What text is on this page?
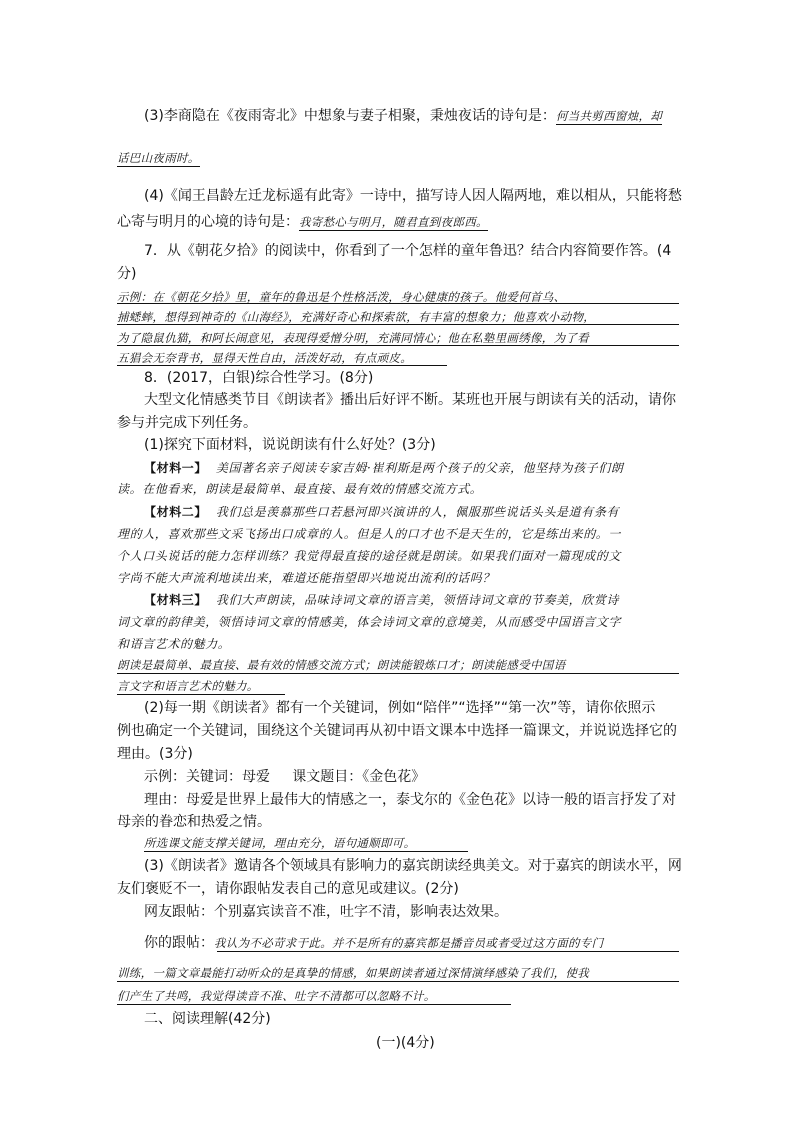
(3)李商隐在《夜雨寄北》中想象与妻子相聚，秉烛夜话的诗句是：何当共剪西窗烛，却
话巴山夜雨时。
(4)《闻王昌龄左迁龙标遥有此寄》一诗中，描写诗人因人隔两地，难以相从，只能将愁
心寄与明月的心境的诗句是：我寄愁心与明月，随君直到夜郎西。
7．从《朝花夕拾》的阅读中，你看到了一个怎样的童年鲁迅？结合内容简要作答。(4
分)
示例：在《朝花夕拾》里，童年的鲁迅是个性格活泼，身心健康的孩子。他爱何首乌、
捕蟋蟀，想得到神奇的《山海经》，充满好奇心和探索欲，有丰富的想象力；他喜欢小动物，
为了隐鼠仇猫，和阿长闹意见，表现得爱憎分明，充满同情心；他在私塾里画绣像，为了看
五猖会无奈背书，显得天性自由，活泼好动，有点顽皮。
8．(2017，白银)综合性学习。(8分)
大型文化情感类节目《朗读者》播出后好评不断。某班也开展与朗读有关的活动，请你
参与并完成下列任务。
(1)探究下面材料，说说朗读有什么好处？(3分)
【材料一】 美国著名亲子阅读专家吉姆·崔利斯是两个孩子的父亲，他坚持为孩子们朗
读。在他看来，朗读是最简单、最直接、最有效的情感交流方式。
【材料二】 我们总是羡慕那些口若悬河即兴演讲的人，佩服那些说话头头是道有条有
理的人，喜欢那些文采飞扬出口成章的人。但是人的口才也不是天生的，它是练出来的。一
个人口头说话的能力怎样训练？我觉得最直接的途径就是朗读。如果我们面对一篇现成的文
字尚不能大声流利地读出来，难道还能指望即兴地说出流利的话吗？
【材料三】 我们大声朗读，品味诗词文章的语言美，领悟诗词文章的节奏美，欣赏诗
词文章的韵律美，领悟诗词文章的情感美，体会诗词文章的意境美，从而感受中国语言文字
和语言艺术的魅力。
朗读是最简单、最直接、最有效的情感交流方式；朗读能锻炼口才；朗读能感受中国语
言文字和语言艺术的魅力。
(2)每一期《朗读者》都有一个关键词，例如“陪伴”“选择”“第一次”等，请你依照示
例也确定一个关键词，围绕这个关键词再从初中语文课本中选择一篇课文，并说说选择它的
理由。(3分)
示例：关键词：母爱 课文题目：《金色花》
理由：母爱是世界上最伟大的情感之一，泰戈尔的《金色花》以诗一般的语言抒发了对
母亲的眷恋和热爱之情。
所选课文能支撑关键词，理由充分，语句通顺即可。
(3)《朗读者》邀请各个领域具有影响力的嘉宾朗读经典美文。对于嘉宾的朗读水平，网
友们褒贬不一，请你跟帖发表自己的意见或建议。(2分)
网友跟帖：个别嘉宾读音不准，吐字不清，影响表达效果。
你的跟帖：我认为不必苛求于此。并不是所有的嘉宾都是播音员或者受过这方面的专门
训练，一篇文章最能打动听众的是真挚的情感，如果朗读者通过深情演绎感染了我们，使我
们产生了共鸣，我觉得读音不准、吐字不清都可以忽略不计。
二、阅读理解(42分)
(一)(4分)
